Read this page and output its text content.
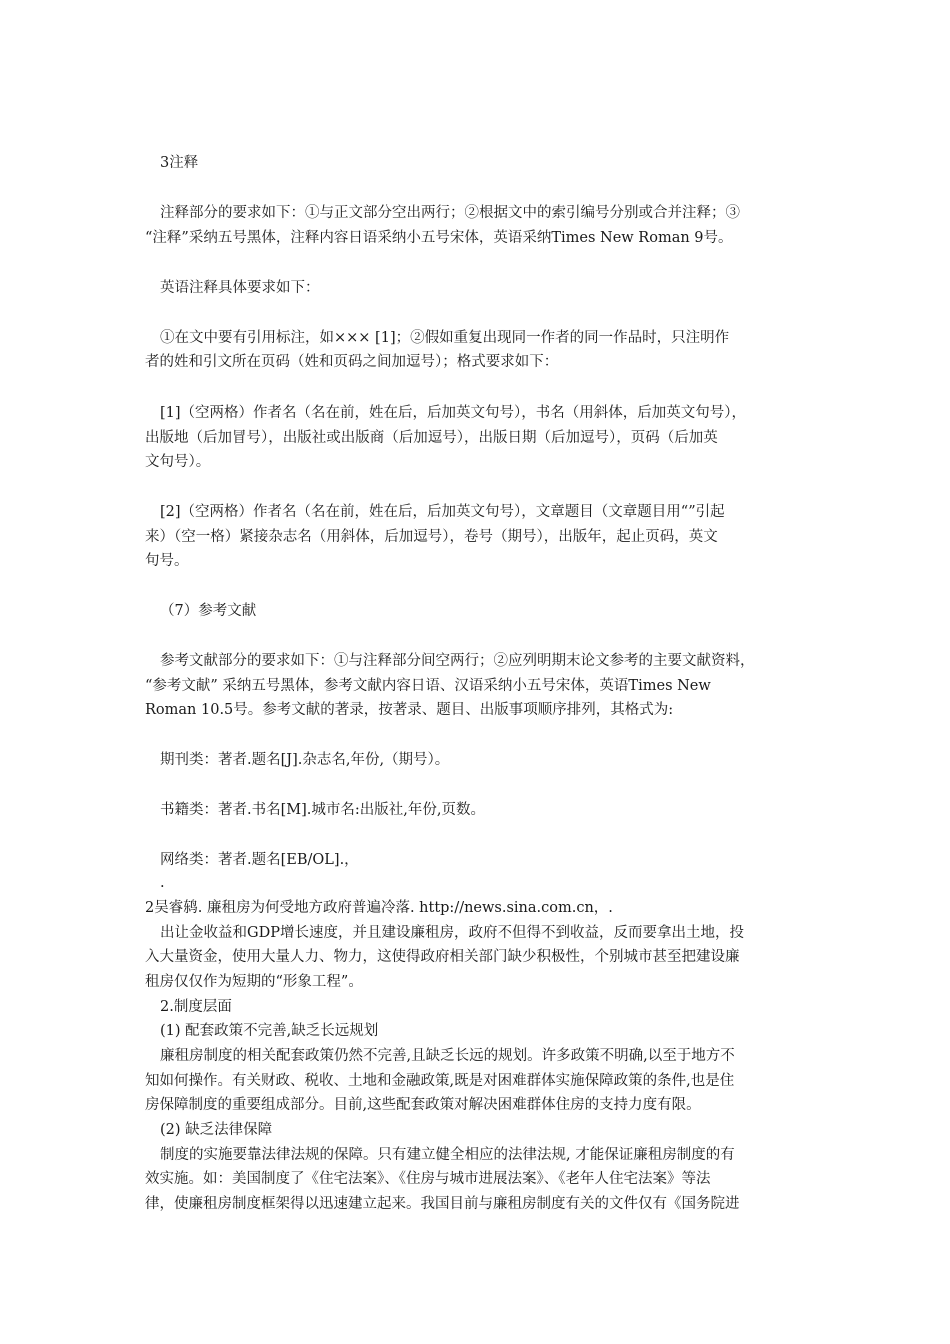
3注释
注释部分的要求如下：①与正文部分空出两行；②根据文中的索引编号分别或合并注释；③
“注释”采纳五号黑体，注释内容日语采纳小五号宋体，英语采纳Times New Roman 9号。
英语注释具体要求如下：
①在文中要有引用标注，如××× [1]；②假如重复出现同一作者的同一作品时，只注明作
者的姓和引文所在页码（姓和页码之间加逗号）；格式要求如下：
[1]（空两格）作者名（名在前，姓在后，后加英文句号），书名（用斜体，后加英文句号），
出版地（后加冒号），出版社或出版商（后加逗号），出版日期（后加逗号），页码（后加英
文句号）。
[2]（空两格）作者名（名在前，姓在后，后加英文句号），文章题目（文章题目用“”引起
来）（空一格）紧接杂志名（用斜体，后加逗号），卷号（期号），出版年，起止页码，英文
句号。
（7）参考文献
参考文献部分的要求如下：①与注释部分间空两行；②应列明期末论文参考的主要文献资料，
“参考文献” 采纳五号黑体，参考文献内容日语、汉语采纳小五号宋体，英语Times New
Roman 10.5号。参考文献的著录，按著录、题目、出版事项顺序排列，其格式为:
期刊类：著者.题名[J].杂志名,年份,（期号）。
书籍类：著者.书名[M].城市名:出版社,年份,页数。
网络类：著者.题名[EB/OL].，
.
2吴睿鸫. 廉租房为何受地方政府普遍冷落. http://news.sina.com.cn，.
出让金收益和GDP增长速度，并且建设廉租房，政府不但得不到收益，反而要拿出土地，投
入大量资金，使用大量人力、物力，这使得政府相关部门缺少积极性，个别城市甚至把建设廉
租房仅仅作为短期的“形象工程”。
2.制度层面
(1) 配套政策不完善,缺乏长远规划
廉租房制度的相关配套政策仍然不完善,且缺乏长远的规划。许多政策不明确,以至于地方不
知如何操作。有关财政、税收、土地和金融政策,既是对困难群体实施保障政策的条件,也是住
房保障制度的重要组成部分。目前,这些配套政策对解决困难群体住房的支持力度有限。
(2) 缺乏法律保障
制度的实施要靠法律法规的保障。只有建立健全相应的法律法规, 才能保证廉租房制度的有
效实施。如：美国制度了《住宅法案》、《住房与城市进展法案》、《老年人住宅法案》等法
律，使廉租房制度框架得以迅速建立起来。我国目前与廉租房制度有关的文件仅有《国务院进
